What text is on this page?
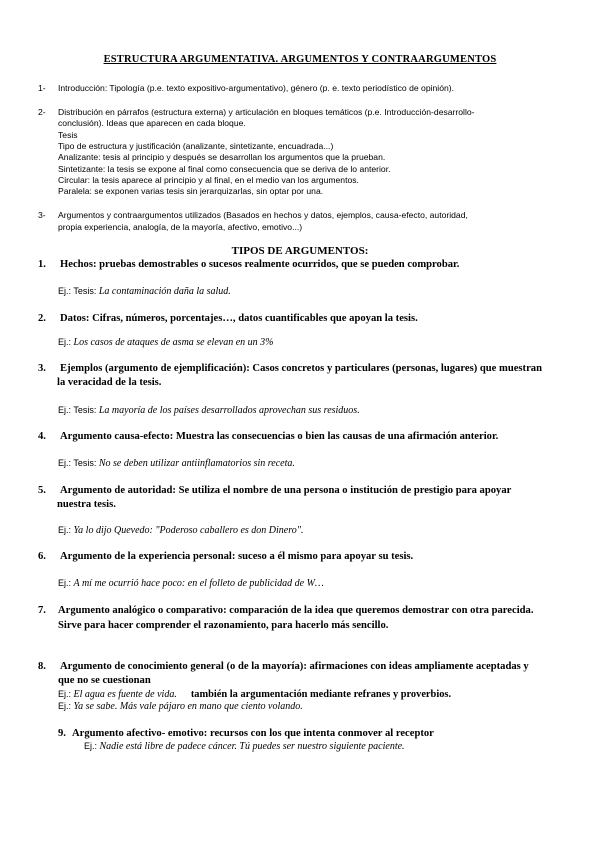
ESTRUCTURA ARGUMENTATIVA. ARGUMENTOS Y CONTRAARGUMENTOS
1- Introducción: Tipología (p.e. texto expositivo-argumentativo), género (p. e. texto periodístico de opinión).
2- Distribución en párrafos (estructura externa) y articulación en bloques temáticos (p.e. Introducción-desarrollo-
conclusión). Ideas que aparecen en cada bloque.
Tesis
Tipo de estructura y justificación (analizante, sintetizante, encuadrada...)
Analizante: tesis al principio y después se desarrollan los argumentos que la prueban.
Sintetizante: la tesis se expone al final como consecuencia que se deriva de lo anterior.
Circular: la tesis aparece al principio y al final, en el medio van los argumentos.
Paralela: se exponen varias tesis sin jerarquizarlas, sin optar por una.
3- Argumentos y contraargumentos utilizados (Basados en hechos y datos, ejemplos, causa-efecto, autoridad,
propia experiencia, analogía, de la mayoría, afectivo, emotivo...)
TIPOS DE ARGUMENTOS:
1. Hechos: pruebas demostrables o sucesos realmente ocurridos, que se pueden comprobar.
Ej.: Tesis: La contaminación daña la salud.
2. Datos: Cifras, números, porcentajes…, datos cuantificables que apoyan la tesis.
Ej.: Los casos de ataques de asma se elevan en un 3%
3. Ejemplos (argumento de ejemplificación): Casos concretos y particulares (personas, lugares) que muestran
la veracidad de la tesis.
Ej.: Tesis: La mayoría de los países desarrollados aprovechan sus residuos.
4. Argumento causa-efecto: Muestra las consecuencias o bien las causas de una afirmación anterior.
Ej.: Tesis: No se deben utilizar antiinflamatorios sin receta.
5. Argumento de autoridad: Se utiliza el nombre de una persona o institución de prestigio para apoyar
nuestra tesis.
Ej.: Ya lo dijo Quevedo: "Poderoso caballero es don Dinero".
6. Argumento de la experiencia personal: suceso a él mismo para apoyar su tesis.
Ej.: A mí me ocurrió hace poco: en el folleto de publicidad de W…
7. Argumento analógico o comparativo: comparación de la idea que queremos demostrar con otra parecida.
Sirve para hacer comprender el razonamiento, para hacerlo más sencillo.
8. Argumento de conocimiento general (o de la mayoría): afirmaciones con ideas ampliamente aceptadas y
que no se cuestionan
Ej.: El agua es fuente de vida. también la argumentación mediante refranes y proverbios.
Ej.: Ya se sabe. Más vale pájaro en mano que ciento volando.
9. Argumento afectivo- emotivo: recursos con los que intenta conmover al receptor
Ej.: Nadie está libre de padece cáncer. Tú puedes ser nuestro siguiente paciente.
